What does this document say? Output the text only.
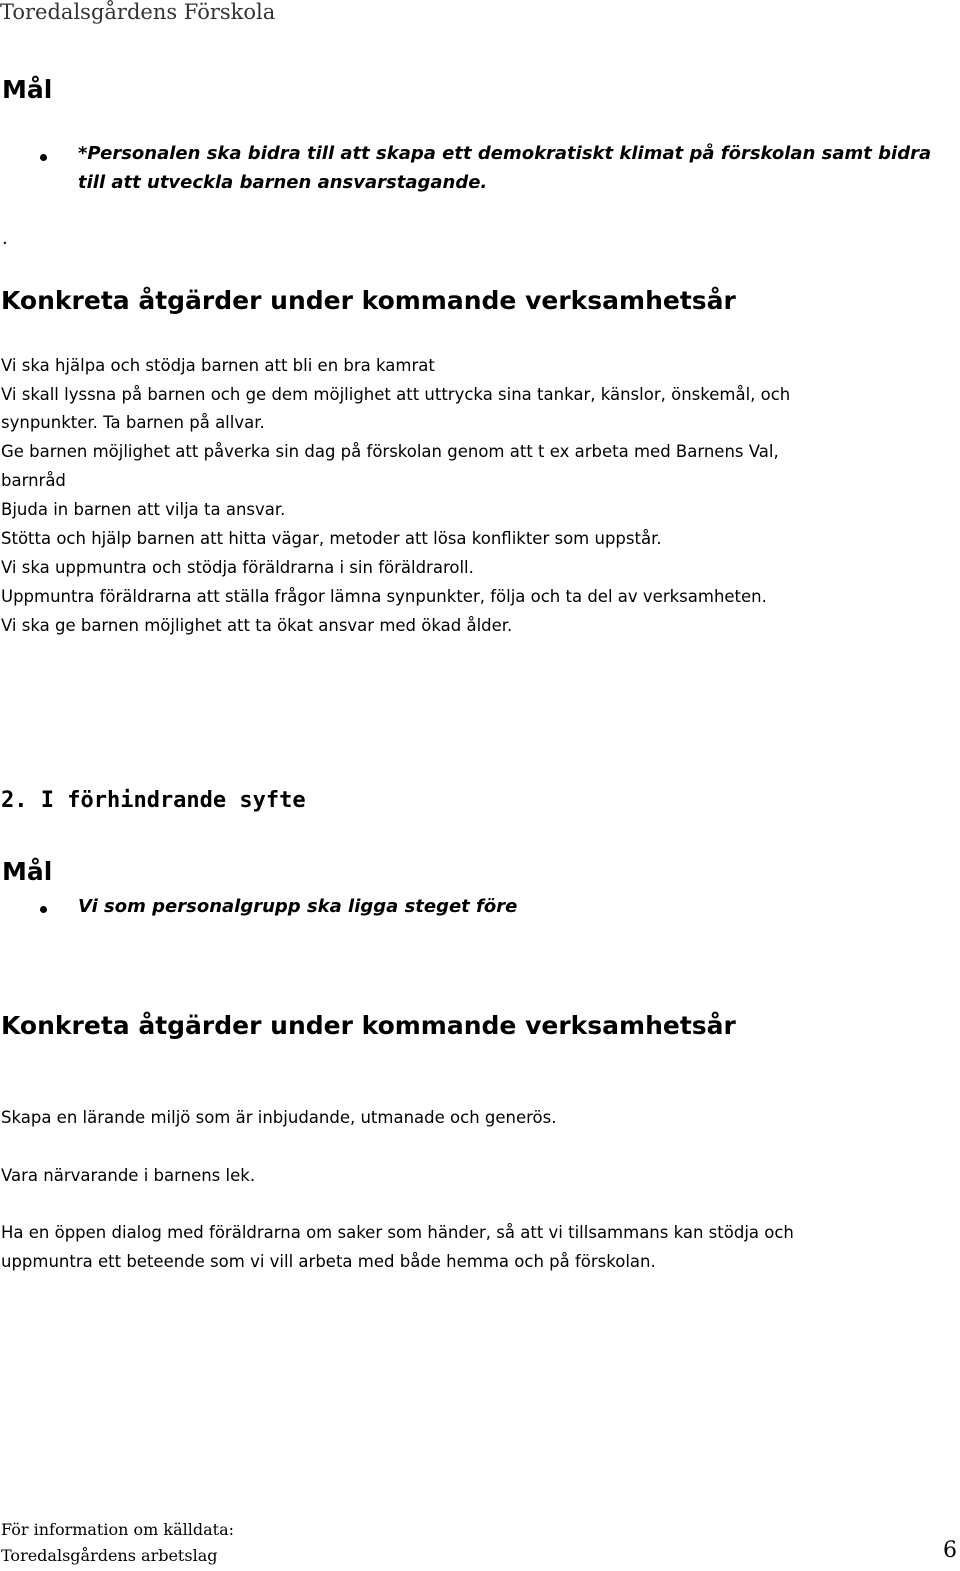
Toredalsgårdens Förskola
Mål
*Personalen ska bidra till att skapa ett demokratiskt klimat på förskolan samt bidra
till att utveckla barnen ansvarstagande.
.
Konkreta åtgärder under kommande verksamhetsår
Vi ska hjälpa och stödja barnen att bli en bra kamrat
Vi skall lyssna på barnen och ge dem möjlighet att uttrycka sina tankar, känslor, önskemål, och
synpunkter. Ta barnen på allvar.
Ge barnen möjlighet att påverka sin dag på förskolan genom att t ex arbeta med Barnens Val,
barnråd
Bjuda in barnen att vilja ta ansvar.
Stötta och hjälp barnen att hitta vägar, metoder att lösa konflikter som uppstår.
Vi ska uppmuntra och stödja föräldrarna i sin föräldraroll.
Uppmuntra föräldrarna att ställa frågor lämna synpunkter, följa och ta del av verksamheten.
Vi ska ge barnen möjlighet att ta ökat ansvar med ökad ålder.
2. I förhindrande syfte
Mål
Vi som personalgrupp ska ligga steget före
Konkreta åtgärder under kommande verksamhetsår
Skapa en lärande miljö som är inbjudande, utmanade och generös.
Vara närvarande i barnens lek.
Ha en öppen dialog med föräldrarna om saker som händer, så att vi tillsammans kan stödja och
uppmuntra ett beteende som vi vill arbeta med både hemma och på förskolan.
För information om källdata:
Toredalsgårdens arbetslag	6
